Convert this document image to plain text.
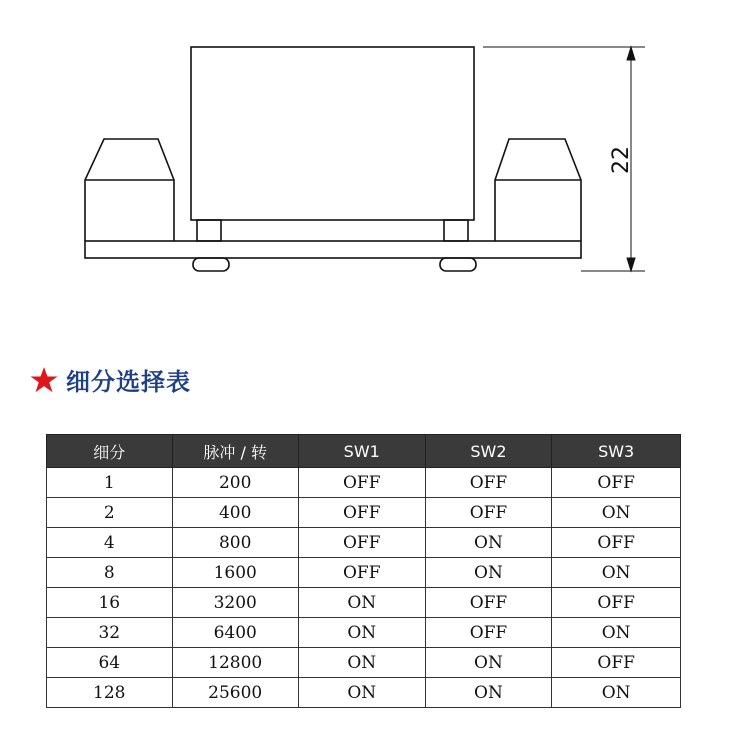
22
细分选择表
细分	脉冲 / 转	SW1	SW2	SW3
1	200	OFF	OFF	OFF
2	400	OFF	OFF	ON
4	800	OFF	ON	OFF
8	1600	OFF	ON	ON
16	3200	ON	OFF	OFF
32	6400	ON	OFF	ON
64	12800	ON	ON	OFF
128	25600	ON	ON	ON
